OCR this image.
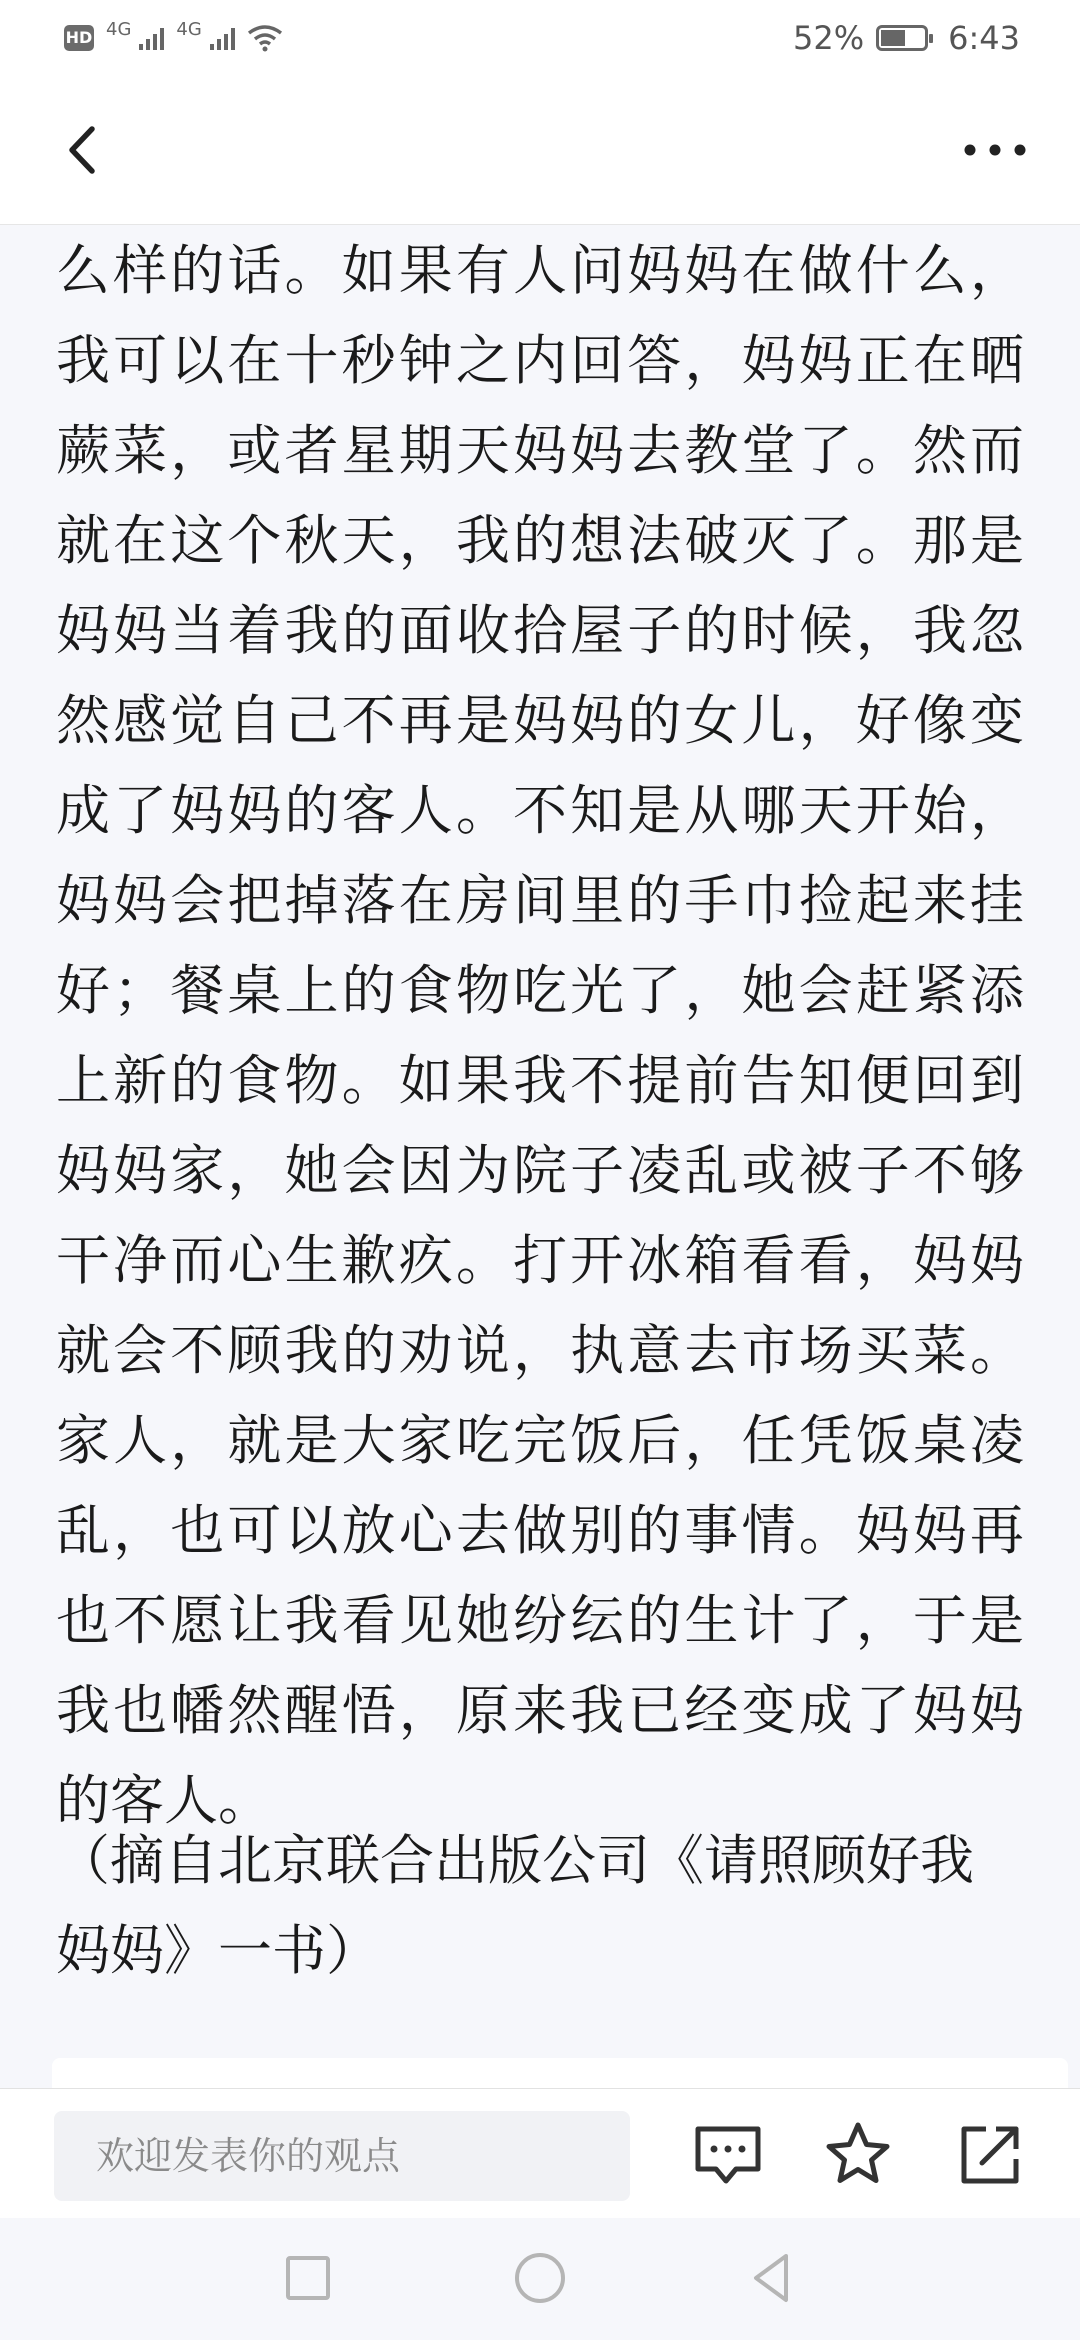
HD 4G	4G	52%	6:43

么样的话。如果有人问妈妈在做什么，我可以在十秒钟之内回答，妈妈正在晒蕨菜，或者星期天妈妈去教堂了。然而就在这个秋天，我的想法破灭了。那是妈妈当着我的面收拾屋子的时候，我忽然感觉自己不再是妈妈的女儿，好像变成了妈妈的客人。不知是从哪天开始，妈妈会把掉落在房间里的手巾捡起来挂好；餐桌上的食物吃光了，她会赶紧添上新的食物。如果我不提前告知便回到妈妈家，她会因为院子凌乱或被子不够干净而心生歉疚。打开冰箱看看，妈妈就会不顾我的劝说，执意去市场买菜。家人，就是大家吃完饭后，任凭饭桌凌乱，也可以放心去做别的事情。妈妈再也不愿让我看见她纷纭的生计了，于是我也幡然醒悟，原来我已经变成了妈妈的客人。

（摘自北京联合出版公司《请照顾好我妈妈》一书）
欢迎发表你的观点
